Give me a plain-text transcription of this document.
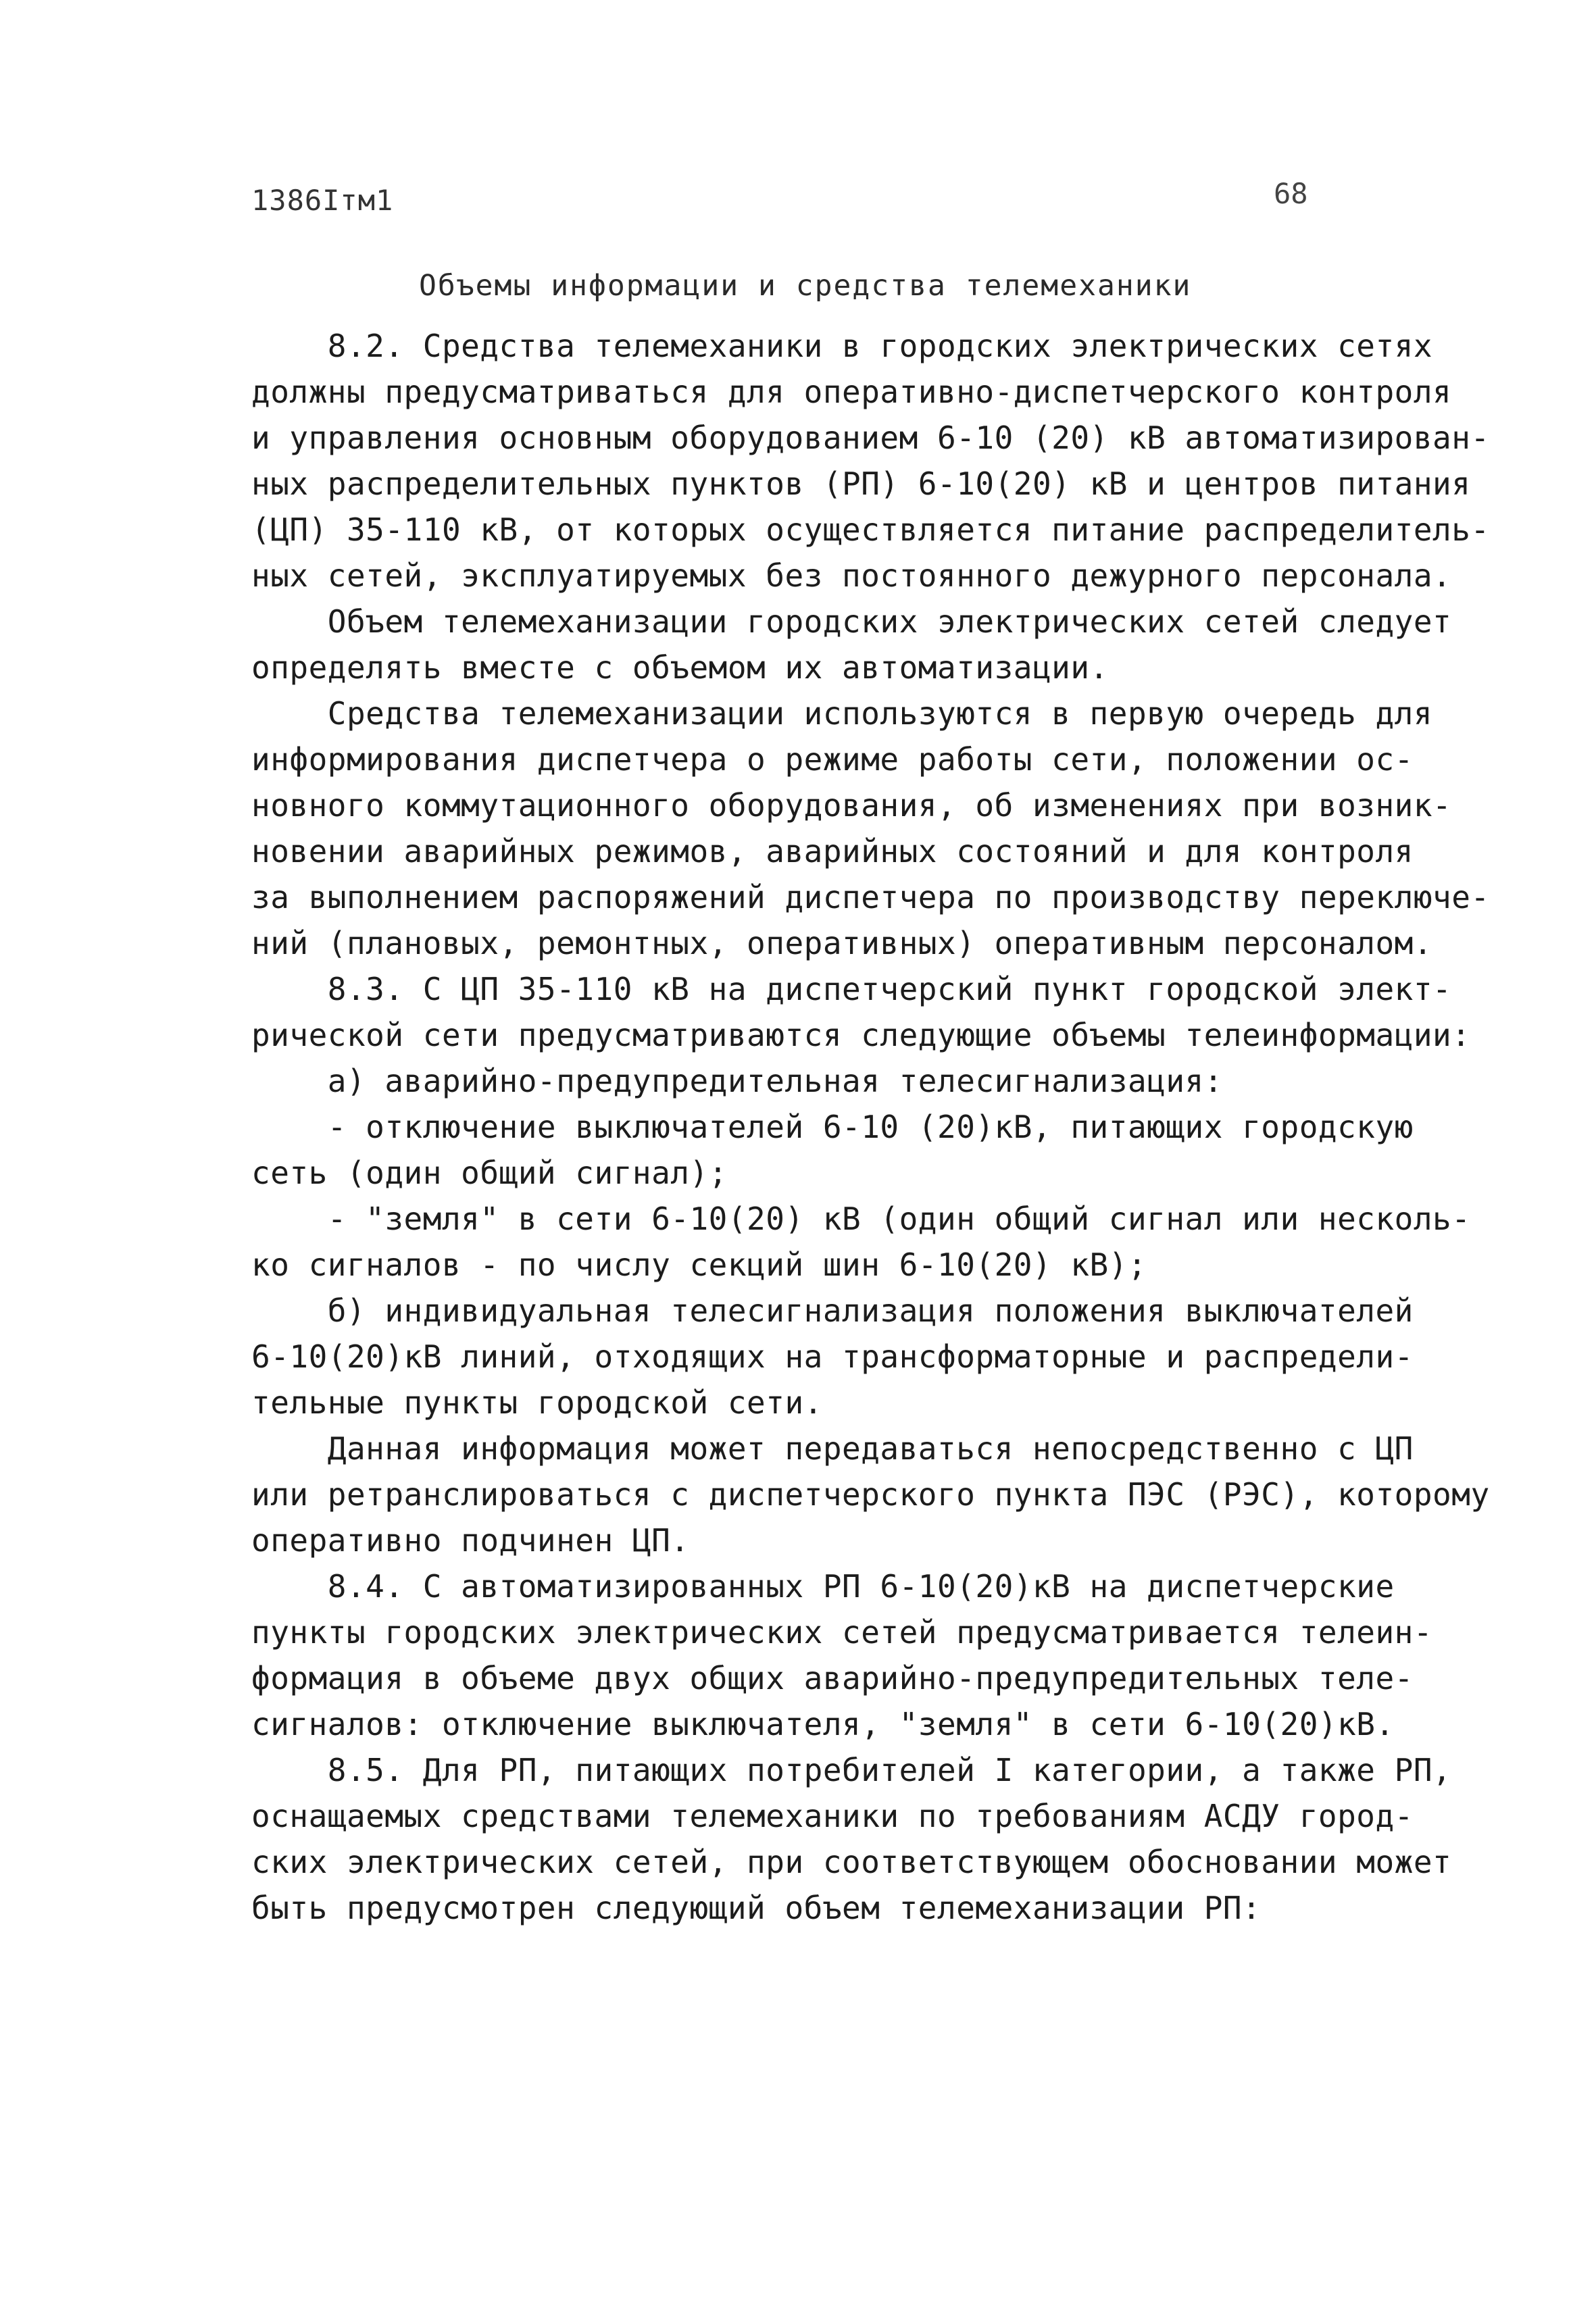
1386Iтм1	68
Объемы информации и средства телемеханики
8.2. Средства телемеханики в городских электрических сетях
должны предусматриваться для оперативно-диспетчерского контроля
и управления основным оборудованием 6-10 (20) кВ автоматизирован-
ных распределительных пунктов (РП) 6-10(20) кВ и центров питания
(ЦП) 35-110 кВ, от которых осуществляется питание распределитель-
ных сетей, эксплуатируемых без постоянного дежурного персонала.
Объем телемеханизации городских электрических сетей следует
определять вместе с объемом их автоматизации.
Средства телемеханизации используются в первую очередь для
информирования диспетчера о режиме работы сети, положении ос-
новного коммутационного оборудования, об изменениях при возник-
новении аварийных режимов, аварийных состояний и для контроля
за выполнением распоряжений диспетчера по производству переключе-
ний (плановых, ремонтных, оперативных) оперативным персоналом.
8.3. С ЦП 35-110 кВ на диспетчерский пункт городской элект-
рической сети предусматриваются следующие объемы телеинформации:
а) аварийно-предупредительная телесигнализация:
- отключение выключателей 6-10 (20)кВ, питающих городскую
сеть (один общий сигнал);
- "земля" в сети 6-10(20) кВ (один общий сигнал или несколь-
ко сигналов - по числу секций шин 6-10(20) кВ);
б) индивидуальная телесигнализация положения выключателей
6-10(20)кВ линий, отходящих на трансформаторные и распредели-
тельные пункты городской сети.
Данная информация может передаваться непосредственно с ЦП
или ретранслироваться с диспетчерского пункта ПЭС (РЭС), которому
оперативно подчинен ЦП.
8.4. С автоматизированных РП 6-10(20)кВ на диспетчерские
пункты городских электрических сетей предусматривается телеин-
формация в объеме двух общих аварийно-предупредительных теле-
сигналов: отключение выключателя, "земля" в сети 6-10(20)кВ.
8.5. Для РП, питающих потребителей I категории, а также РП,
оснащаемых средствами телемеханики по требованиям АСДУ город-
ских электрических сетей, при соответствующем обосновании может
быть предусмотрен следующий объем телемеханизации РП:
